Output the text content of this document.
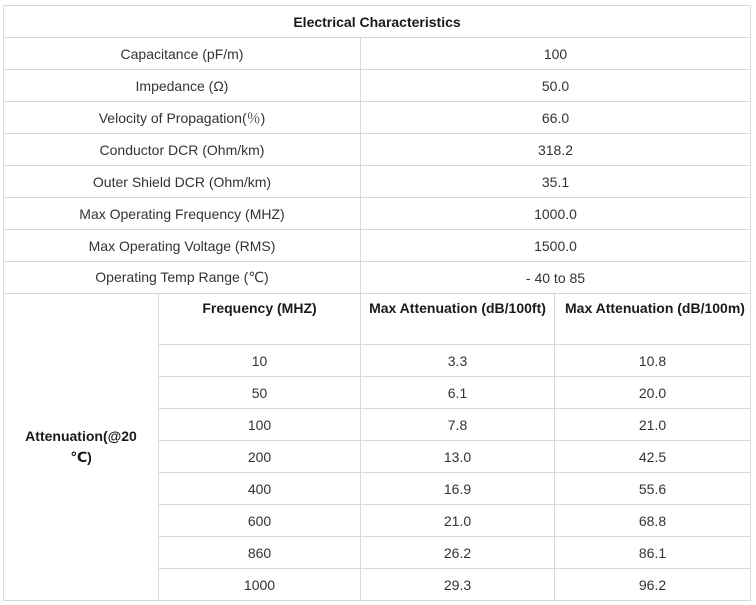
Electrical Characteristics			
Capacitance (pF/m)		100	
Impedance (Ω)		50.0	
Velocity of Propagation(％)		66.0	
Conductor DCR (Ohm/km)		318.2	
Outer Shield DCR (Ohm/km)		35.1	
Max Operating Frequency (MHZ)		1000.0	
Max Operating Voltage (RMS)		1500.0	
Operating Temp Range (℃)		- 40 to 85	
Attenuation(@20 ℃)	Frequency (MHZ)	Max Attenuation (dB/100ft)	Max Attenuation (dB/100m)
	10	3.3	10.8
	50	6.1	20.0
	100	7.8	21.0
	200	13.0	42.5
	400	16.9	55.6
	600	21.0	68.8
	860	26.2	86.1
	1000	29.3	96.2
